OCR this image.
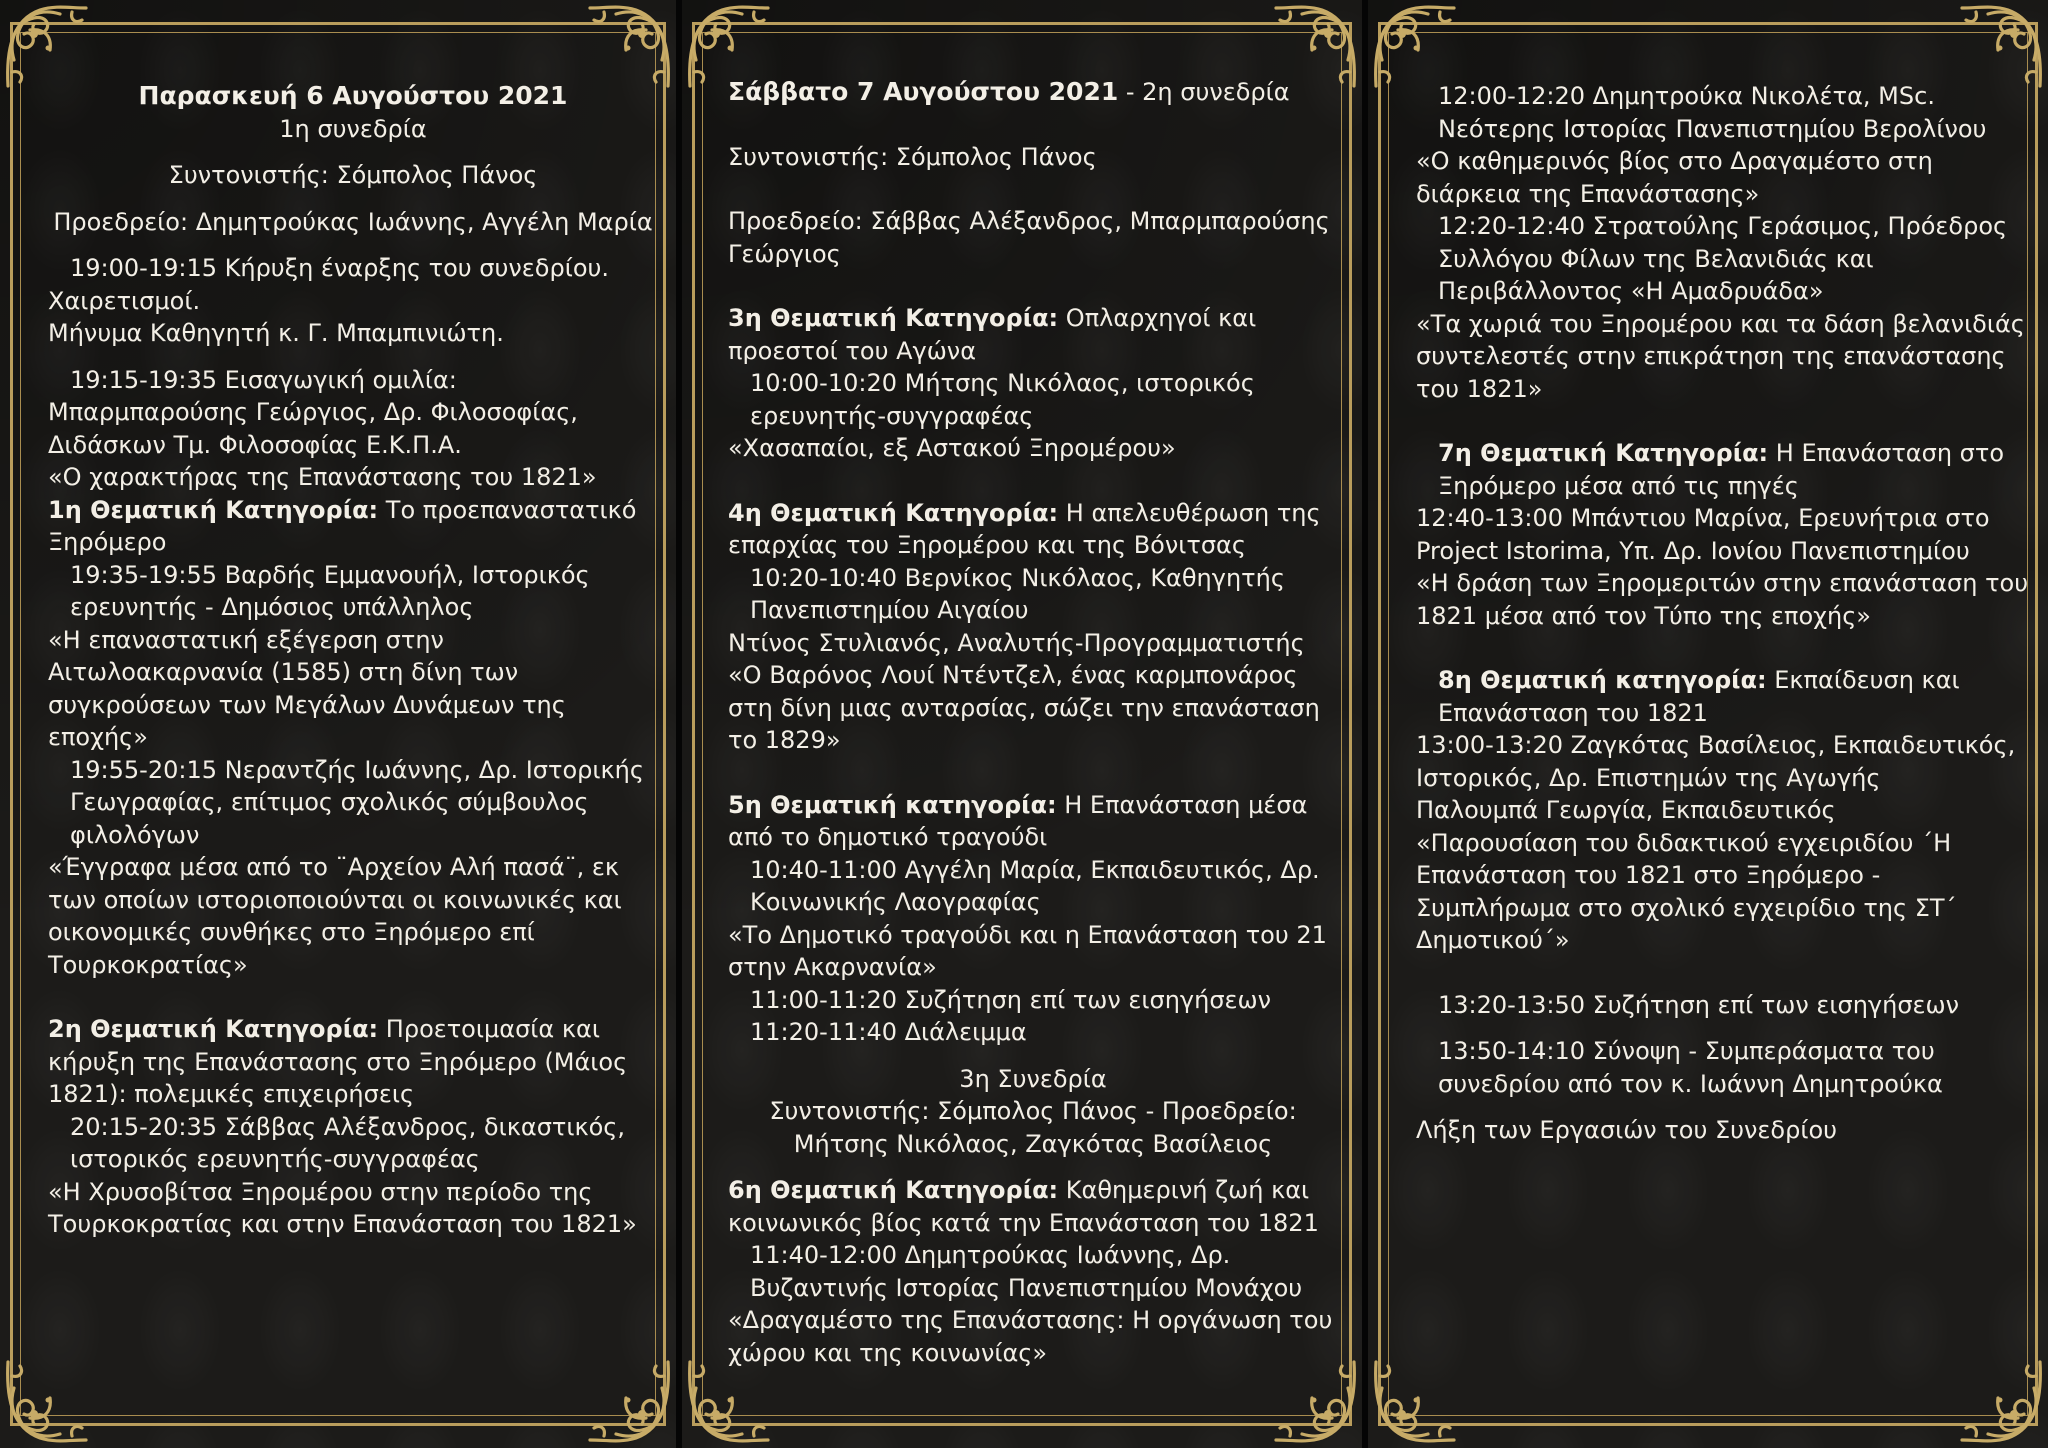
Παρασκευή 6 Αυγούστου 2021

1η συνεδρία

Συντονιστής: Σόμπολος Πάνος

Προεδρείο: Δημητρούκας Ιωάννης, Αγγέλη Μαρία

19:00-19:15 Κήρυξη έναρξης του συνεδρίου.

Χαιρετισμοί.

Μήνυμα Καθηγητή κ. Γ. Μπαμπινιώτη.

19:15-19:35 Εισαγωγική ομιλία:

Μπαρμπαρούσης Γεώργιος, Δρ. Φιλοσοφίας,

Διδάσκων Τμ. Φιλοσοφίας Ε.Κ.Π.Α.

«Ο χαρακτήρας της Επανάστασης του 1821»

1η Θεματική Κατηγορία: Το προεπαναστατικό Ξηρόμερο

19:35-19:55 Βαρδής Εμμανουήλ, Ιστορικός ερευνητής - Δημόσιος υπάλληλος

«Η επαναστατική εξέγερση στην Αιτωλοακαρνανία (1585) στη δίνη των συγκρούσεων των Μεγάλων Δυνάμεων της εποχής»

19:55-20:15 Νεραντζής Ιωάννης, Δρ. Ιστορικής Γεωγραφίας, επίτιμος σχολικός σύμβουλος φιλολόγων

«Έγγραφα μέσα από το ¨Αρχείον Αλή πασά¨, εκ των οποίων ιστοριοποιούνται οι κοινωνικές και οικονομικές συνθήκες στο Ξηρόμερο επί Τουρκοκρατίας»

2η Θεματική Κατηγορία: Προετοιμασία και κήρυξη της Επανάστασης στο Ξηρόμερο (Μάιος 1821): πολεμικές επιχειρήσεις

20:15-20:35 Σάββας Αλέξανδρος, δικαστικός, ιστορικός ερευνητής-συγγραφέας

«Η Χρυσοβίτσα Ξηρομέρου στην περίοδο της Τουρκοκρατίας και στην Επανάσταση του 1821»

Σάββατο 7 Αυγούστου 2021 - 2η συνεδρία

Συντονιστής: Σόμπολος Πάνος

Προεδρείο: Σάββας Αλέξανδρος, Μπαρμπαρούσης Γεώργιος

3η Θεματική Κατηγορία: Οπλαρχηγοί και προεστοί του Αγώνα

10:00-10:20 Μήτσης Νικόλαος, ιστορικός ερευνητής-συγγραφέας

«Χασαπαίοι, εξ Αστακού Ξηρομέρου»

4η Θεματική Κατηγορία: Η απελευθέρωση της επαρχίας του Ξηρομέρου και της Βόνιτσας

10:20-10:40 Βερνίκος Νικόλαος, Καθηγητής Πανεπιστημίου Αιγαίου

Ντίνος Στυλιανός, Αναλυτής-Προγραμματιστής

«Ο Βαρόνος Λουί Ντέντζελ, ένας καρμπονάρος στη δίνη μιας ανταρσίας, σώζει την επανάσταση το 1829»

5η Θεματική κατηγορία: Η Επανάσταση μέσα από το δημοτικό τραγούδι

10:40-11:00 Αγγέλη Μαρία, Εκπαιδευτικός, Δρ. Κοινωνικής Λαογραφίας

«Το Δημοτικό τραγούδι και η Επανάσταση του 21 στην Ακαρνανία»

11:00-11:20 Συζήτηση επί των εισηγήσεων

11:20-11:40 Διάλειμμα

3η Συνεδρία

Συντονιστής: Σόμπολος Πάνος - Προεδρείο:

Μήτσης Νικόλαος, Ζαγκότας Βασίλειος

6η Θεματική Κατηγορία: Καθημερινή ζωή και κοινωνικός βίος κατά την Επανάσταση του 1821

11:40-12:00 Δημητρούκας Ιωάννης, Δρ. Βυζαντινής Ιστορίας Πανεπιστημίου Μονάχου

«Δραγαμέστο της Επανάστασης: Η οργάνωση του χώρου και της κοινωνίας»

12:00-12:20 Δημητρούκα Νικολέτα, MSc. Νεότερης Ιστορίας Πανεπιστημίου Βερολίνου

«Ο καθημερινός βίος στο Δραγαμέστο στη διάρκεια της Επανάστασης»

12:20-12:40 Στρατούλης Γεράσιμος, Πρόεδρος Συλλόγου Φίλων της Βελανιδιάς και Περιβάλλοντος «Η Αμαδρυάδα»

«Τα χωριά του Ξηρομέρου και τα δάση βελανιδιάς συντελεστές στην επικράτηση της επανάστασης του 1821»

7η Θεματική Κατηγορία: Η Επανάσταση στο Ξηρόμερο μέσα από τις πηγές

12:40-13:00 Μπάντιου Μαρίνα, Ερευνήτρια στο Project Istorima, Υπ. Δρ. Ιονίου Πανεπιστημίου

«Η δράση των Ξηρομεριτών στην επανάσταση του 1821 μέσα από τον Τύπο της εποχής»

8η Θεματική κατηγορία: Εκπαίδευση και Επανάσταση του 1821

13:00-13:20 Ζαγκότας Βασίλειος, Εκπαιδευτικός, Ιστορικός, Δρ. Επιστημών της Αγωγής

Παλουμπά Γεωργία, Εκπαιδευτικός

«Παρουσίαση του διδακτικού εγχειριδίου ΄Η Επανάσταση του 1821 στο Ξηρόμερο - Συμπλήρωμα στο σχολικό εγχειρίδιο της ΣΤ΄ Δημοτικού΄»

13:20-13:50 Συζήτηση επί των εισηγήσεων

13:50-14:10 Σύνοψη - Συμπεράσματα του συνεδρίου από τον κ. Ιωάννη Δημητρούκα

Λήξη των Εργασιών του Συνεδρίου
